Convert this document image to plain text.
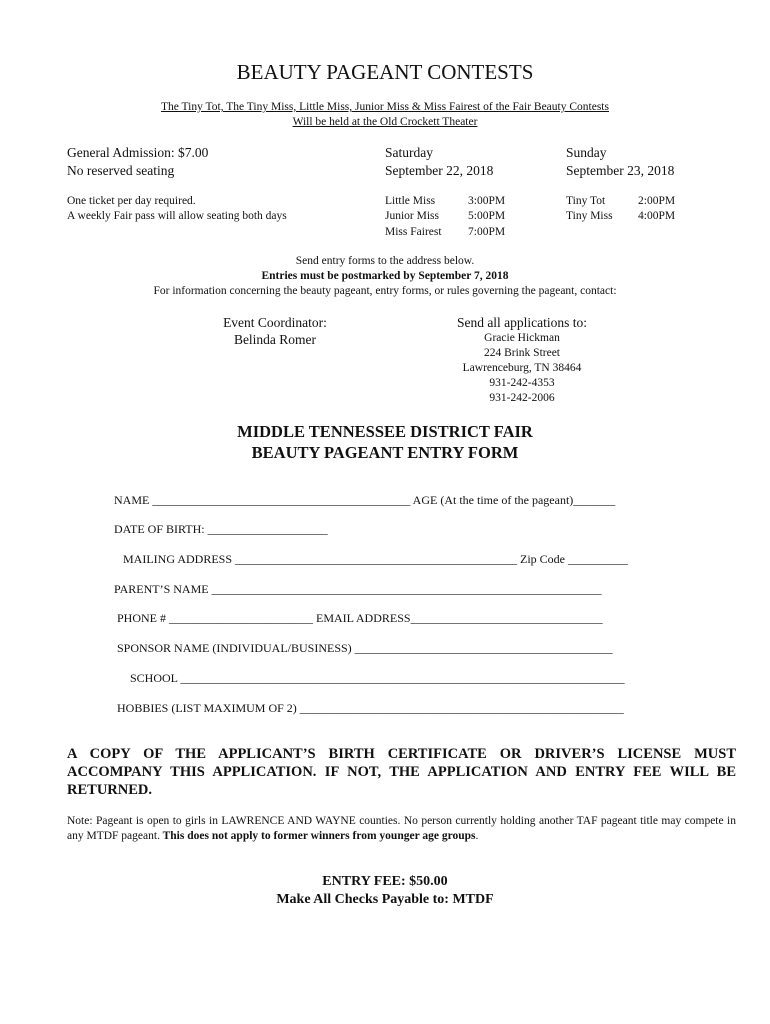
BEAUTY PAGEANT CONTESTS
The Tiny Tot, The Tiny Miss, Little Miss, Junior Miss & Miss Fairest of the Fair Beauty Contests
Will be held at the Old Crockett Theater
General Admission: $7.00
No reserved seating
One ticket per day required.
A weekly Fair pass will allow seating both days
Saturday
September 22, 2018
Little Miss	3:00PM
Junior Miss	5:00PM
Miss Fairest 7:00PM
Sunday
September 23, 2018
Tiny Tot	2:00PM
Tiny Miss 4:00PM
Send entry forms to the address below.
Entries must be postmarked by September 7, 2018
For information concerning the beauty pageant, entry forms, or rules governing the pageant, contact:
Event Coordinator:
Belinda Romer
Send all applications to:
Gracie Hickman
224 Brink Street
Lawrenceburg, TN 38464
931-242-4353
931-242-2006
MIDDLE TENNESSEE DISTRICT FAIR
BEAUTY PAGEANT ENTRY FORM
NAME ___________________________________________ AGE (At the time of the pageant)_______
DATE OF BIRTH: ____________________
MAILING ADDRESS _______________________________________________ Zip Code __________
PARENT’S NAME _________________________________________________________________
PHONE # ________________________ EMAIL ADDRESS________________________________
SPONSOR NAME (INDIVIDUAL/BUSINESS) ___________________________________________
SCHOOL __________________________________________________________________________
HOBBIES (LIST MAXIMUM OF 2) ______________________________________________________
A COPY OF THE APPLICANT’S BIRTH CERTIFICATE OR DRIVER’S LICENSE MUST ACCOMPANY THIS APPLICATION. IF NOT, THE APPLICATION AND ENTRY FEE WILL BE RETURNED.
Note: Pageant is open to girls in LAWRENCE AND WAYNE counties. No person currently holding another TAF pageant title may compete in any MTDF pageant. This does not apply to former winners from younger age groups.
ENTRY FEE: $50.00
Make All Checks Payable to: MTDF
